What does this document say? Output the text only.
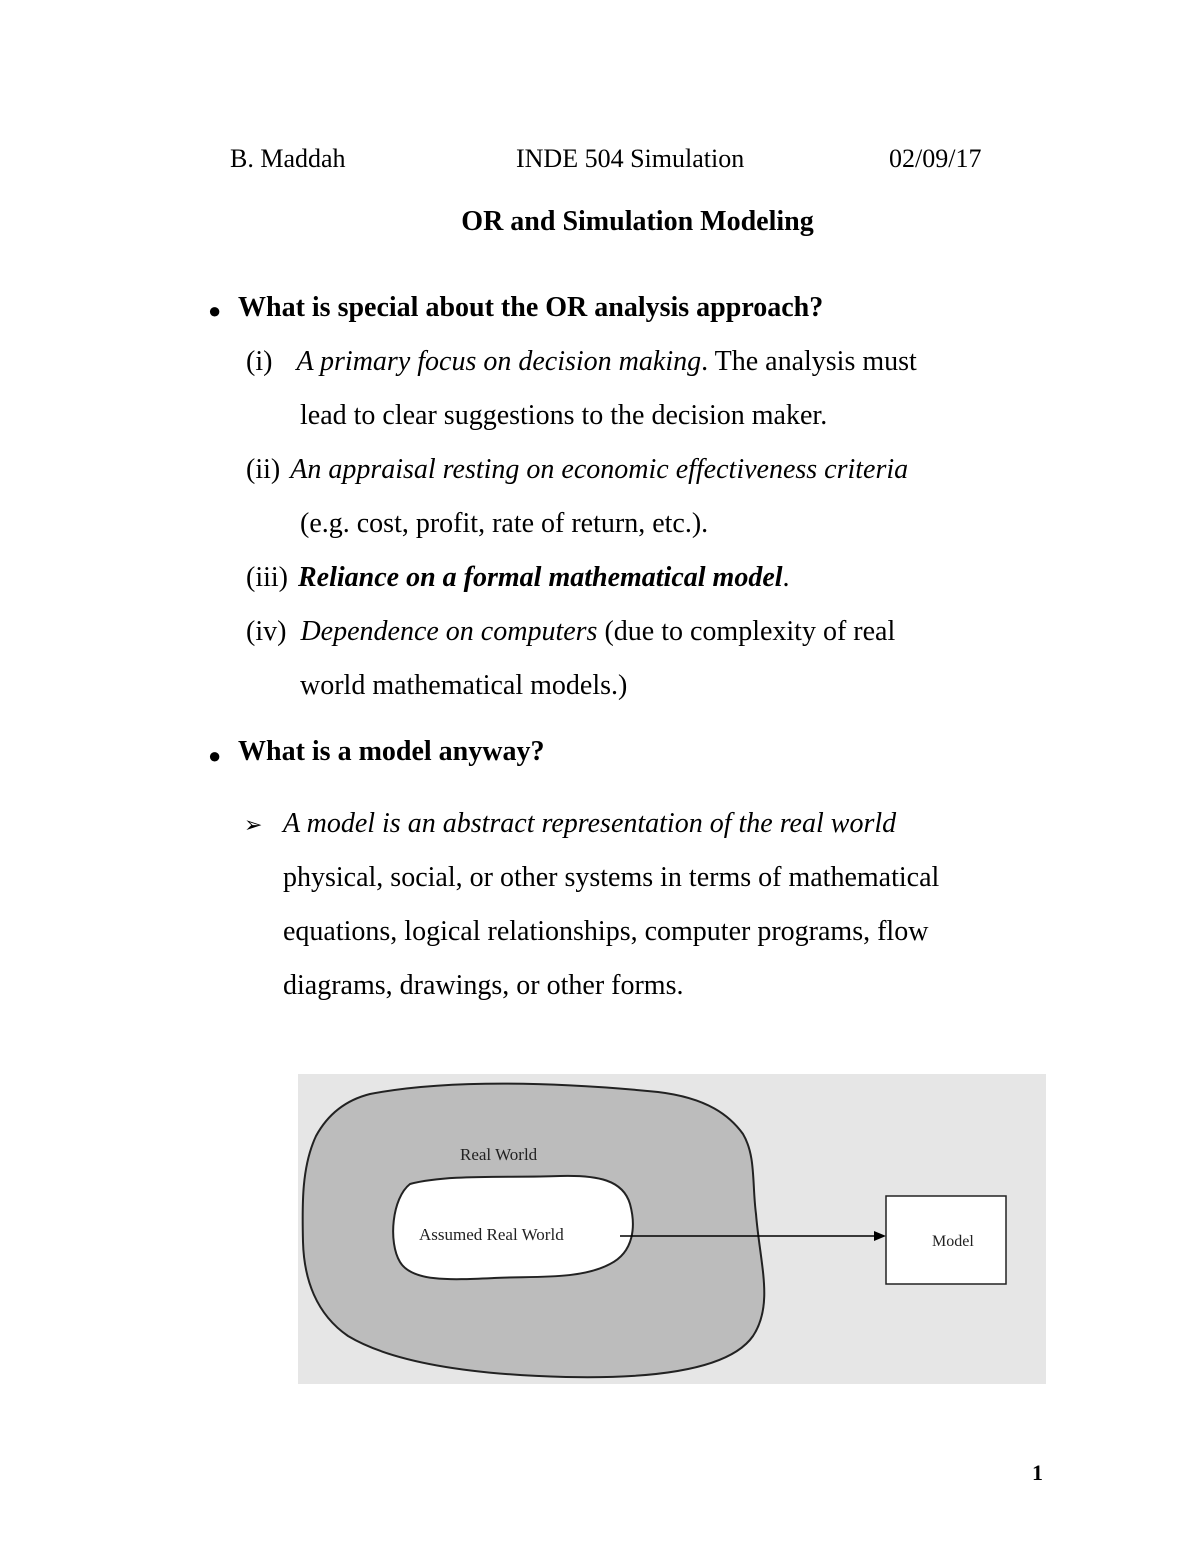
B. Maddah	INDE 504 Simulation	02/09/17
OR and Simulation Modeling
● What is special about the OR analysis approach?
(i) A primary focus on decision making. The analysis must
lead to clear suggestions to the decision maker.
(ii) An appraisal resting on economic effectiveness criteria
(e.g. cost, profit, rate of return, etc.).
(iii) Reliance on a formal mathematical model.
(iv) Dependence on computers (due to complexity of real
world mathematical models.)
● What is a model anyway?
➢ A model is an abstract representation of the real world
physical, social, or other systems in terms of mathematical
equations, logical relationships, computer programs, flow
diagrams, drawings, or other forms.
Real World
Assumed Real World	Model
1
